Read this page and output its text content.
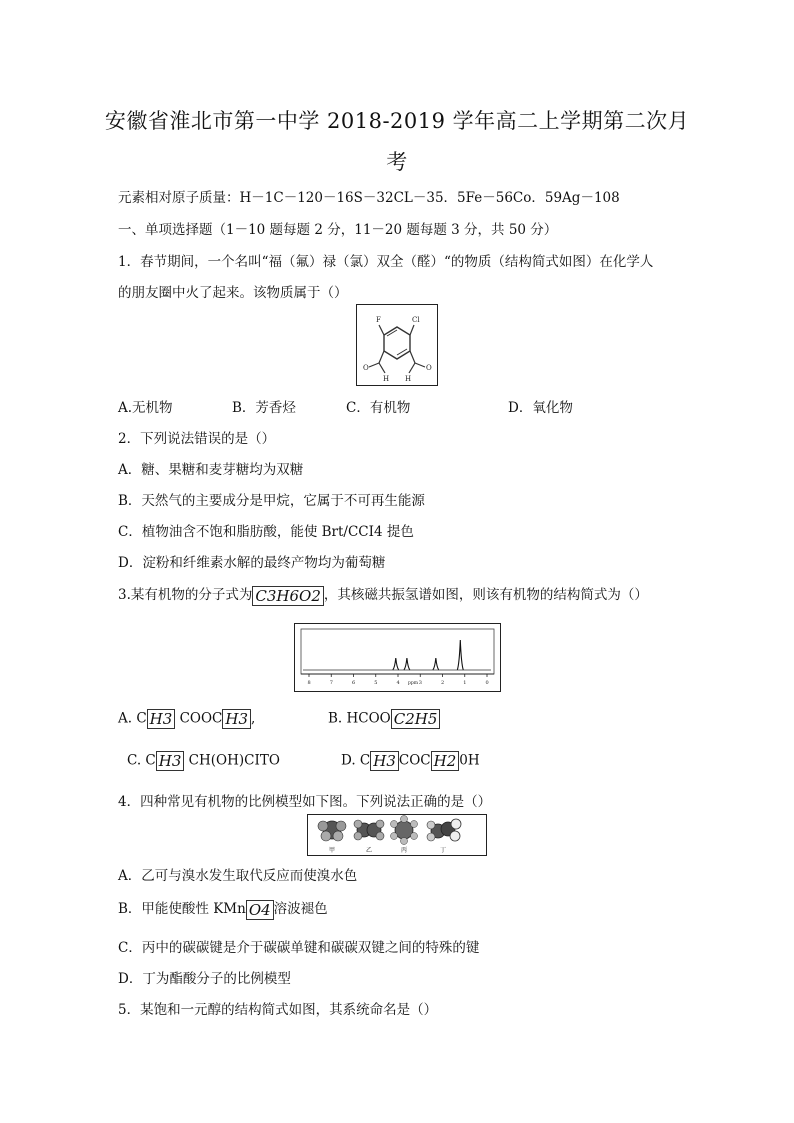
安徽省淮北市第一中学 2018-2019 学年高二上学期第二次月
考
元素相对原子质量：H－1C－120－16S－32CL－35．5Fe－56Co．59Ag－108
一、单项选择题（1－10 题每题 2 分，11－20 题每题 3 分，共 50 分）
1．春节期间，一个名叫“福（氟）禄（氯）双全（醛）“的物质（结构简式如图）在化学人
的朋友圈中火了起来。该物质属于（）
F	Cl
O	O
H H
A.无机物	B．芳香烃	C．有机物	D．氧化物
2．下列说法错误的是（）
A．糖、果糖和麦芽糖均为双糖
B．天然气的主要成分是甲烷，它属于不可再生能源
C．植物油含不饱和脂肪酸，能使 Brt/CCI4 提色
D．淀粉和纤维素水解的最终产物均为葡萄糖
3.某有机物的分子式为 C3H6O2 ，其核磁共振氢谱如图，则该有机物的结构简式为（）
8	7	6	5	4	3	2	1	0
ppm
A. C H3 COOC H3 ,	B. HCOO C2H5
C. C H3 CH(OH)CITO	D. C H3 COC H2 0H
4．四种常见有机物的比例模型如下图。下列说法正确的是（）
甲	乙	丙	丁
A．乙可与溴水发生取代反应而使溴水色
B．甲能使酸性 KMn O4 溶波褪色
C．丙中的碳碳键是介于碳碳单键和碳碳双键之间的特殊的键
D．丁为酯酸分子的比例模型
5．某饱和一元醇的结构简式如图，其系统命名是（）
